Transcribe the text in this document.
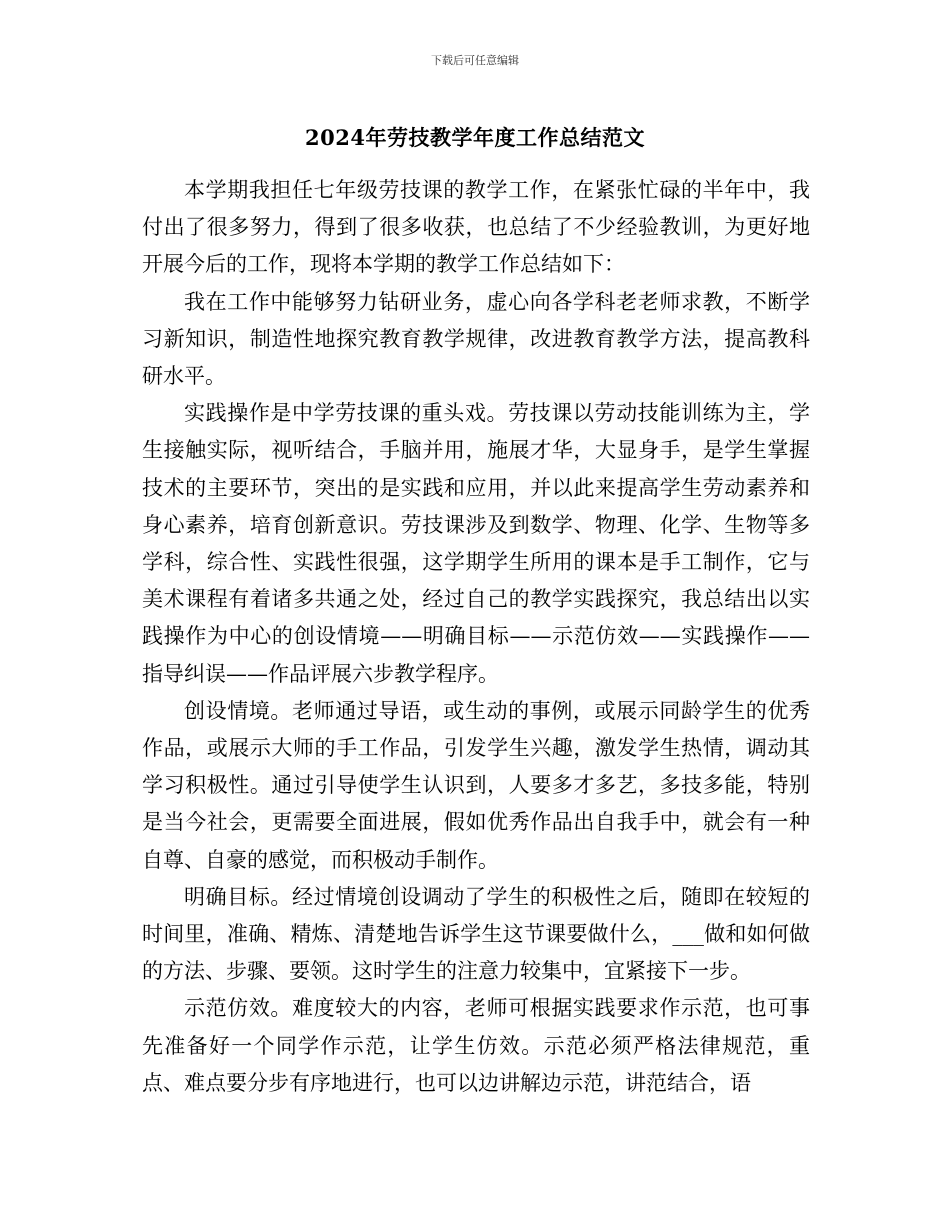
下载后可任意编辑
2024年劳技教学年度工作总结范文

本学期我担任七年级劳技课的教学工作，在紧张忙碌的半年中，我付出了很多努力，得到了很多收获，也总结了不少经验教训，为更好地开展今后的工作，现将本学期的教学工作总结如下：

我在工作中能够努力钻研业务，虚心向各学科老老师求教，不断学习新知识，制造性地探究教育教学规律，改进教育教学方法，提高教科研水平。

实践操作是中学劳技课的重头戏。劳技课以劳动技能训练为主，学生接触实际，视听结合，手脑并用，施展才华，大显身手，是学生掌握技术的主要环节，突出的是实践和应用，并以此来提高学生劳动素养和身心素养，培育创新意识。劳技课涉及到数学、物理、化学、生物等多学科，综合性、实践性很强，这学期学生所用的课本是手工制作，它与美术课程有着诸多共通之处，经过自己的教学实践探究，我总结出以实践操作为中心的创设情境——明确目标——示范仿效——实践操作——指导纠误——作品评展六步教学程序。

创设情境。老师通过导语，或生动的事例，或展示同龄学生的优秀作品，或展示大师的手工作品，引发学生兴趣，激发学生热情，调动其学习积极性。通过引导使学生认识到，人要多才多艺，多技多能，特别是当今社会，更需要全面进展，假如优秀作品出自我手中，就会有一种自尊、自豪的感觉，而积极动手制作。

明确目标。经过情境创设调动了学生的积极性之后，随即在较短的时间里，准确、精炼、清楚地告诉学生这节课要做什么，___做和如何做的方法、步骤、要领。这时学生的注意力较集中，宜紧接下一步。

示范仿效。难度较大的内容，老师可根据实践要求作示范，也可事先准备好一个同学作示范，让学生仿效。示范必须严格法律规范，重点、难点要分步有序地进行，也可以边讲解边示范，讲范结合，语
